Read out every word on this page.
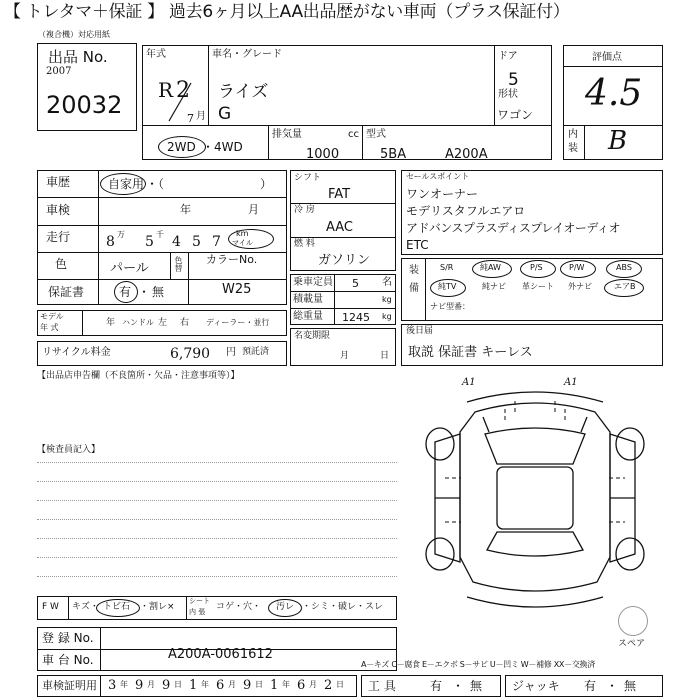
【 トレタマ＋保証 】 過去6ヶ月以上AA出品歴がない車両（プラス保証付）
（複合機）対応用紙
出品 No.
2007
20032
年式
R 2
7 月
車名・グレード
ライズ
G
ドア
5
形状
ワゴン
2WD ・ 4WD
排気量	cc
1000
型式
5BA	A200A
評価点
4.5
内
装 B
車歴	自家用 ・（	）
車検	年	月
走行	8 万 5 千 4 5 7
km
マイル
色	パール	色替 カラーNo.
W25
保証書	有 ・ 無
モデル
年 式	年 ハンドル 左 右 ディーラー・並行
リサイクル料金	6,790 円 預託済
シフト
FAT
冷 房
AAC
燃 料
ガソリン
乗車定員 5 名
積載量	kg
総重量 1245 kg
名変期限
月	日
セールスポイント
ワンオーナー
モデリスタフルエアロ
アドバンスプラスディスプレイオーディオ
ETC
装
備
S/R	純AW	P/S	P/W	ABS
純TV	純ナビ 革シート 外ナビ	エアB
ナビ型番：
後日届
取説 保証書 キーレス
【出品店申告欄（不良箇所・欠品・注意事項等）】
【検査員記入】
F W キズ・ トビ石 ・割レ×
シート
内 張 コゲ・穴・ 汚レ ・シミ・破レ・スレ
登 録 No.
車 台 No.	A200A-0061612
車検証明用 3 年 9 月 9 日 1 年 6 月 9 日 1 年 6 月 2 日 工 具	有 ・ 無 ジャッキ 有 ・ 無
A－キズ C－腐食 E－エクボ S－サビ U－凹ミ W－補修 XX－交換済
A1	A1
スペア
